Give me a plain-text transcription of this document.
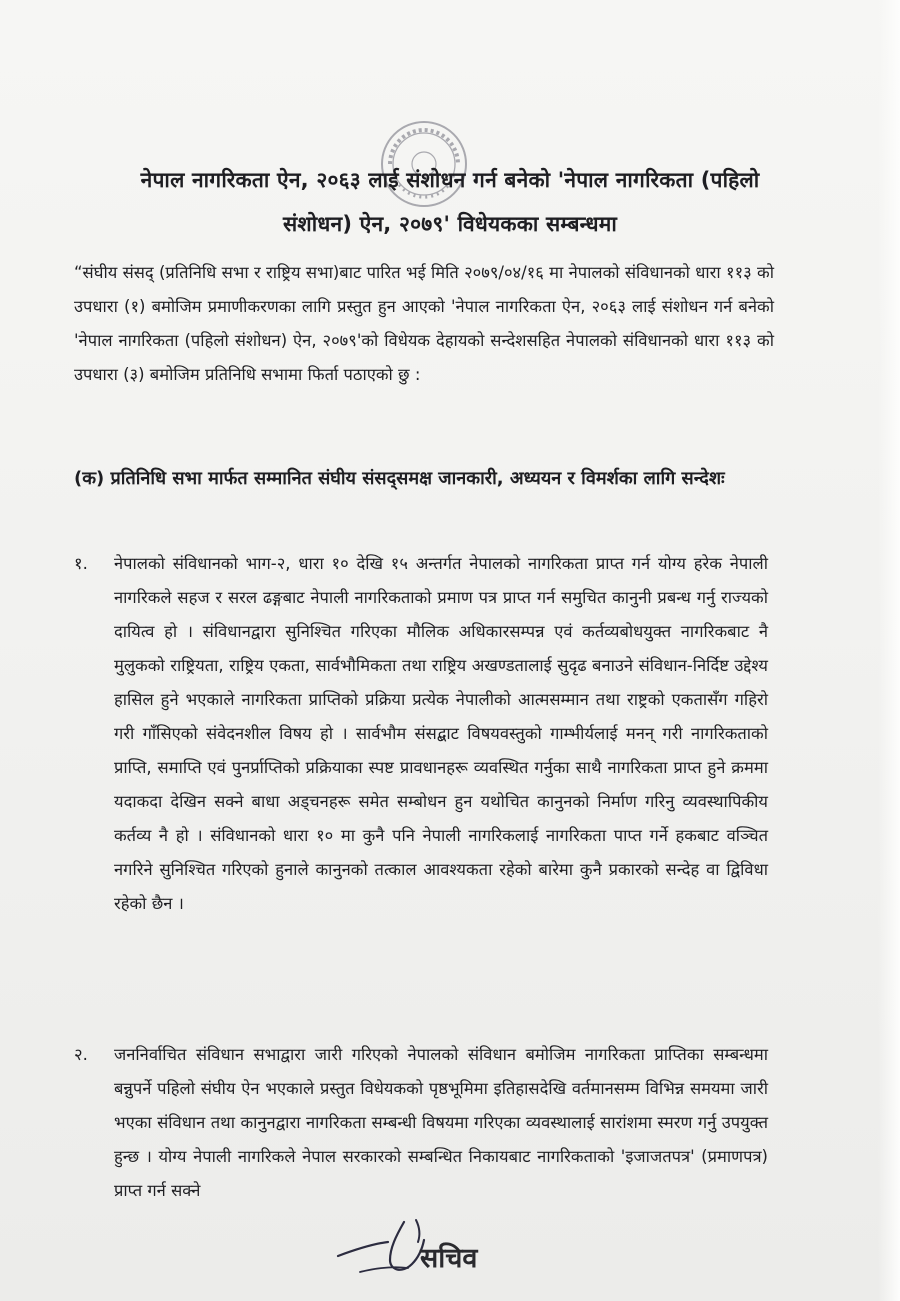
नेपाल नागरिकता ऐन, २०६३ लाई संशोधन गर्न बनेको 'नेपाल नागरिकता (पहिलो
संशोधन) ऐन, २०७९' विधेयकका सम्बन्धमा
“संघीय संसद् (प्रतिनिधि सभा र राष्ट्रिय सभा)बाट पारित भई मिति २०७९/०४/१६ मा नेपालको संविधानको धारा ११३ को उपधारा (१) बमोजिम प्रमाणीकरणका लागि प्रस्तुत हुन आएको 'नेपाल नागरिकता ऐन, २०६३ लाई संशोधन गर्न बनेको 'नेपाल नागरिकता (पहिलो संशोधन) ऐन, २०७९'को विधेयक देहायको सन्देशसहित नेपालको संविधानको धारा ११३ को उपधारा (३) बमोजिम प्रतिनिधि सभामा फिर्ता पठाएको छु :
(क) प्रतिनिधि सभा मार्फत सम्मानित संघीय संसद्समक्ष जानकारी, अध्ययन र विमर्शका लागि सन्देशः
१. नेपालको संविधानको भाग-२, धारा १० देखि १५ अन्तर्गत नेपालको नागरिकता प्राप्त गर्न योग्य हरेक नेपाली नागरिकले सहज र सरल ढङ्गबाट नेपाली नागरिकताको प्रमाण पत्र प्राप्त गर्न समुचित कानुनी प्रबन्ध गर्नु राज्यको दायित्व हो । संविधानद्वारा सुनिश्चित गरिएका मौलिक अधिकारसम्पन्न एवं कर्तव्यबोधयुक्त नागरिकबाट नै मुलुकको राष्ट्रियता, राष्ट्रिय एकता, सार्वभौमिकता तथा राष्ट्रिय अखण्डतालाई सुदृढ बनाउने संविधान-निर्दिष्ट उद्देश्य हासिल हुने भएकाले नागरिकता प्राप्तिको प्रक्रिया प्रत्येक नेपालीको आत्मसम्मान तथा राष्ट्रको एकतासँग गहिरो गरी गाँसिएको संवेदनशील विषय हो । सार्वभौम संसद्बाट विषयवस्तुको गाम्भीर्यलाई मनन् गरी नागरिकताको प्राप्ति, समाप्ति एवं पुनर्प्राप्तिको प्रक्रियाका स्पष्ट प्रावधानहरू व्यवस्थित गर्नुका साथै नागरिकता प्राप्त हुने क्रममा यदाकदा देखिन सक्ने बाधा अड्चनहरू समेत सम्बोधन हुन यथोचित कानुनको निर्माण गरिनु व्यवस्थापिकीय कर्तव्य नै हो । संविधानको धारा १० मा कुनै पनि नेपाली नागरिकलाई नागरिकता पाप्त गर्ने हकबाट वञ्चित नगरिने सुनिश्चित गरिएको हुनाले कानुनको तत्काल आवश्यकता रहेको बारेमा कुनै प्रकारको सन्देह वा द्विविधा रहेको छैन ।
२. जननिर्वाचित संविधान सभाद्वारा जारी गरिएको नेपालको संविधान बमोजिम नागरिकता प्राप्तिका सम्बन्धमा बन्नुपर्ने पहिलो संघीय ऐन भएकाले प्रस्तुत विधेयकको पृष्ठभूमिमा इतिहासदेखि वर्तमानसम्म विभिन्न समयमा जारी भएका संविधान तथा कानुनद्वारा नागरिकता सम्बन्धी विषयमा गरिएका व्यवस्थालाई सारांशमा स्मरण गर्नु उपयुक्त हुन्छ । योग्य नेपाली नागरिकले नेपाल सरकारको सम्बन्धित निकायबाट नागरिकताको 'इजाजतपत्र' (प्रमाणपत्र) प्राप्त गर्न सक्ने
सचिव
